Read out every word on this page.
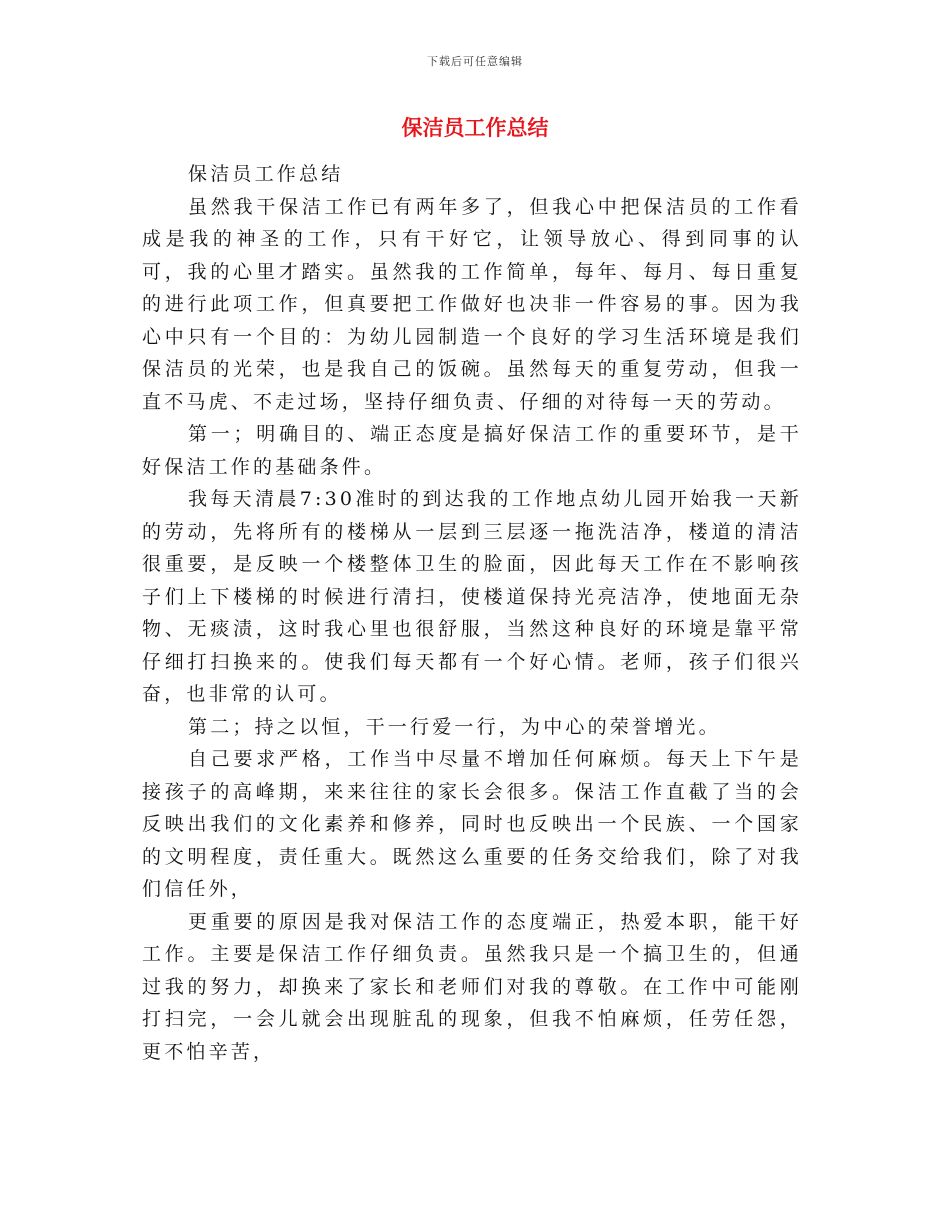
下载后可任意编辑
保洁员工作总结

保洁员工作总结

虽然我干保洁工作已有两年多了，但我心中把保洁员的工作看成是我的神圣的工作，只有干好它，让领导放心、得到同事的认可，我的心里才踏实。虽然我的工作简单，每年、每月、每日重复的进行此项工作，但真要把工作做好也决非一件容易的事。因为我心中只有一个目的：为幼儿园制造一个良好的学习生活环境是我们保洁员的光荣，也是我自己的饭碗。虽然每天的重复劳动，但我一直不马虎、不走过场，坚持仔细负责、仔细的对待每一天的劳动。

第一；明确目的、端正态度是搞好保洁工作的重要环节，是干好保洁工作的基础条件。

我每天清晨7:30准时的到达我的工作地点幼儿园开始我一天新的劳动，先将所有的楼梯从一层到三层逐一拖洗洁净，楼道的清洁很重要，是反映一个楼整体卫生的脸面，因此每天工作在不影响孩子们上下楼梯的时候进行清扫，使楼道保持光亮洁净，使地面无杂物、无痰渍，这时我心里也很舒服，当然这种良好的环境是靠平常仔细打扫换来的。使我们每天都有一个好心情。老师，孩子们很兴奋，也非常的认可。

第二；持之以恒，干一行爱一行，为中心的荣誉增光。

自己要求严格，工作当中尽量不增加任何麻烦。每天上下午是接孩子的高峰期，来来往往的家长会很多。保洁工作直截了当的会反映出我们的文化素养和修养，同时也反映出一个民族、一个国家的文明程度，责任重大。既然这么重要的任务交给我们，除了对我们信任外，

更重要的原因是我对保洁工作的态度端正，热爱本职，能干好工作。主要是保洁工作仔细负责。虽然我只是一个搞卫生的，但通过我的努力，却换来了家长和老师们对我的尊敬。在工作中可能刚打扫完，一会儿就会出现脏乱的现象，但我不怕麻烦，任劳任怨，更不怕辛苦，
